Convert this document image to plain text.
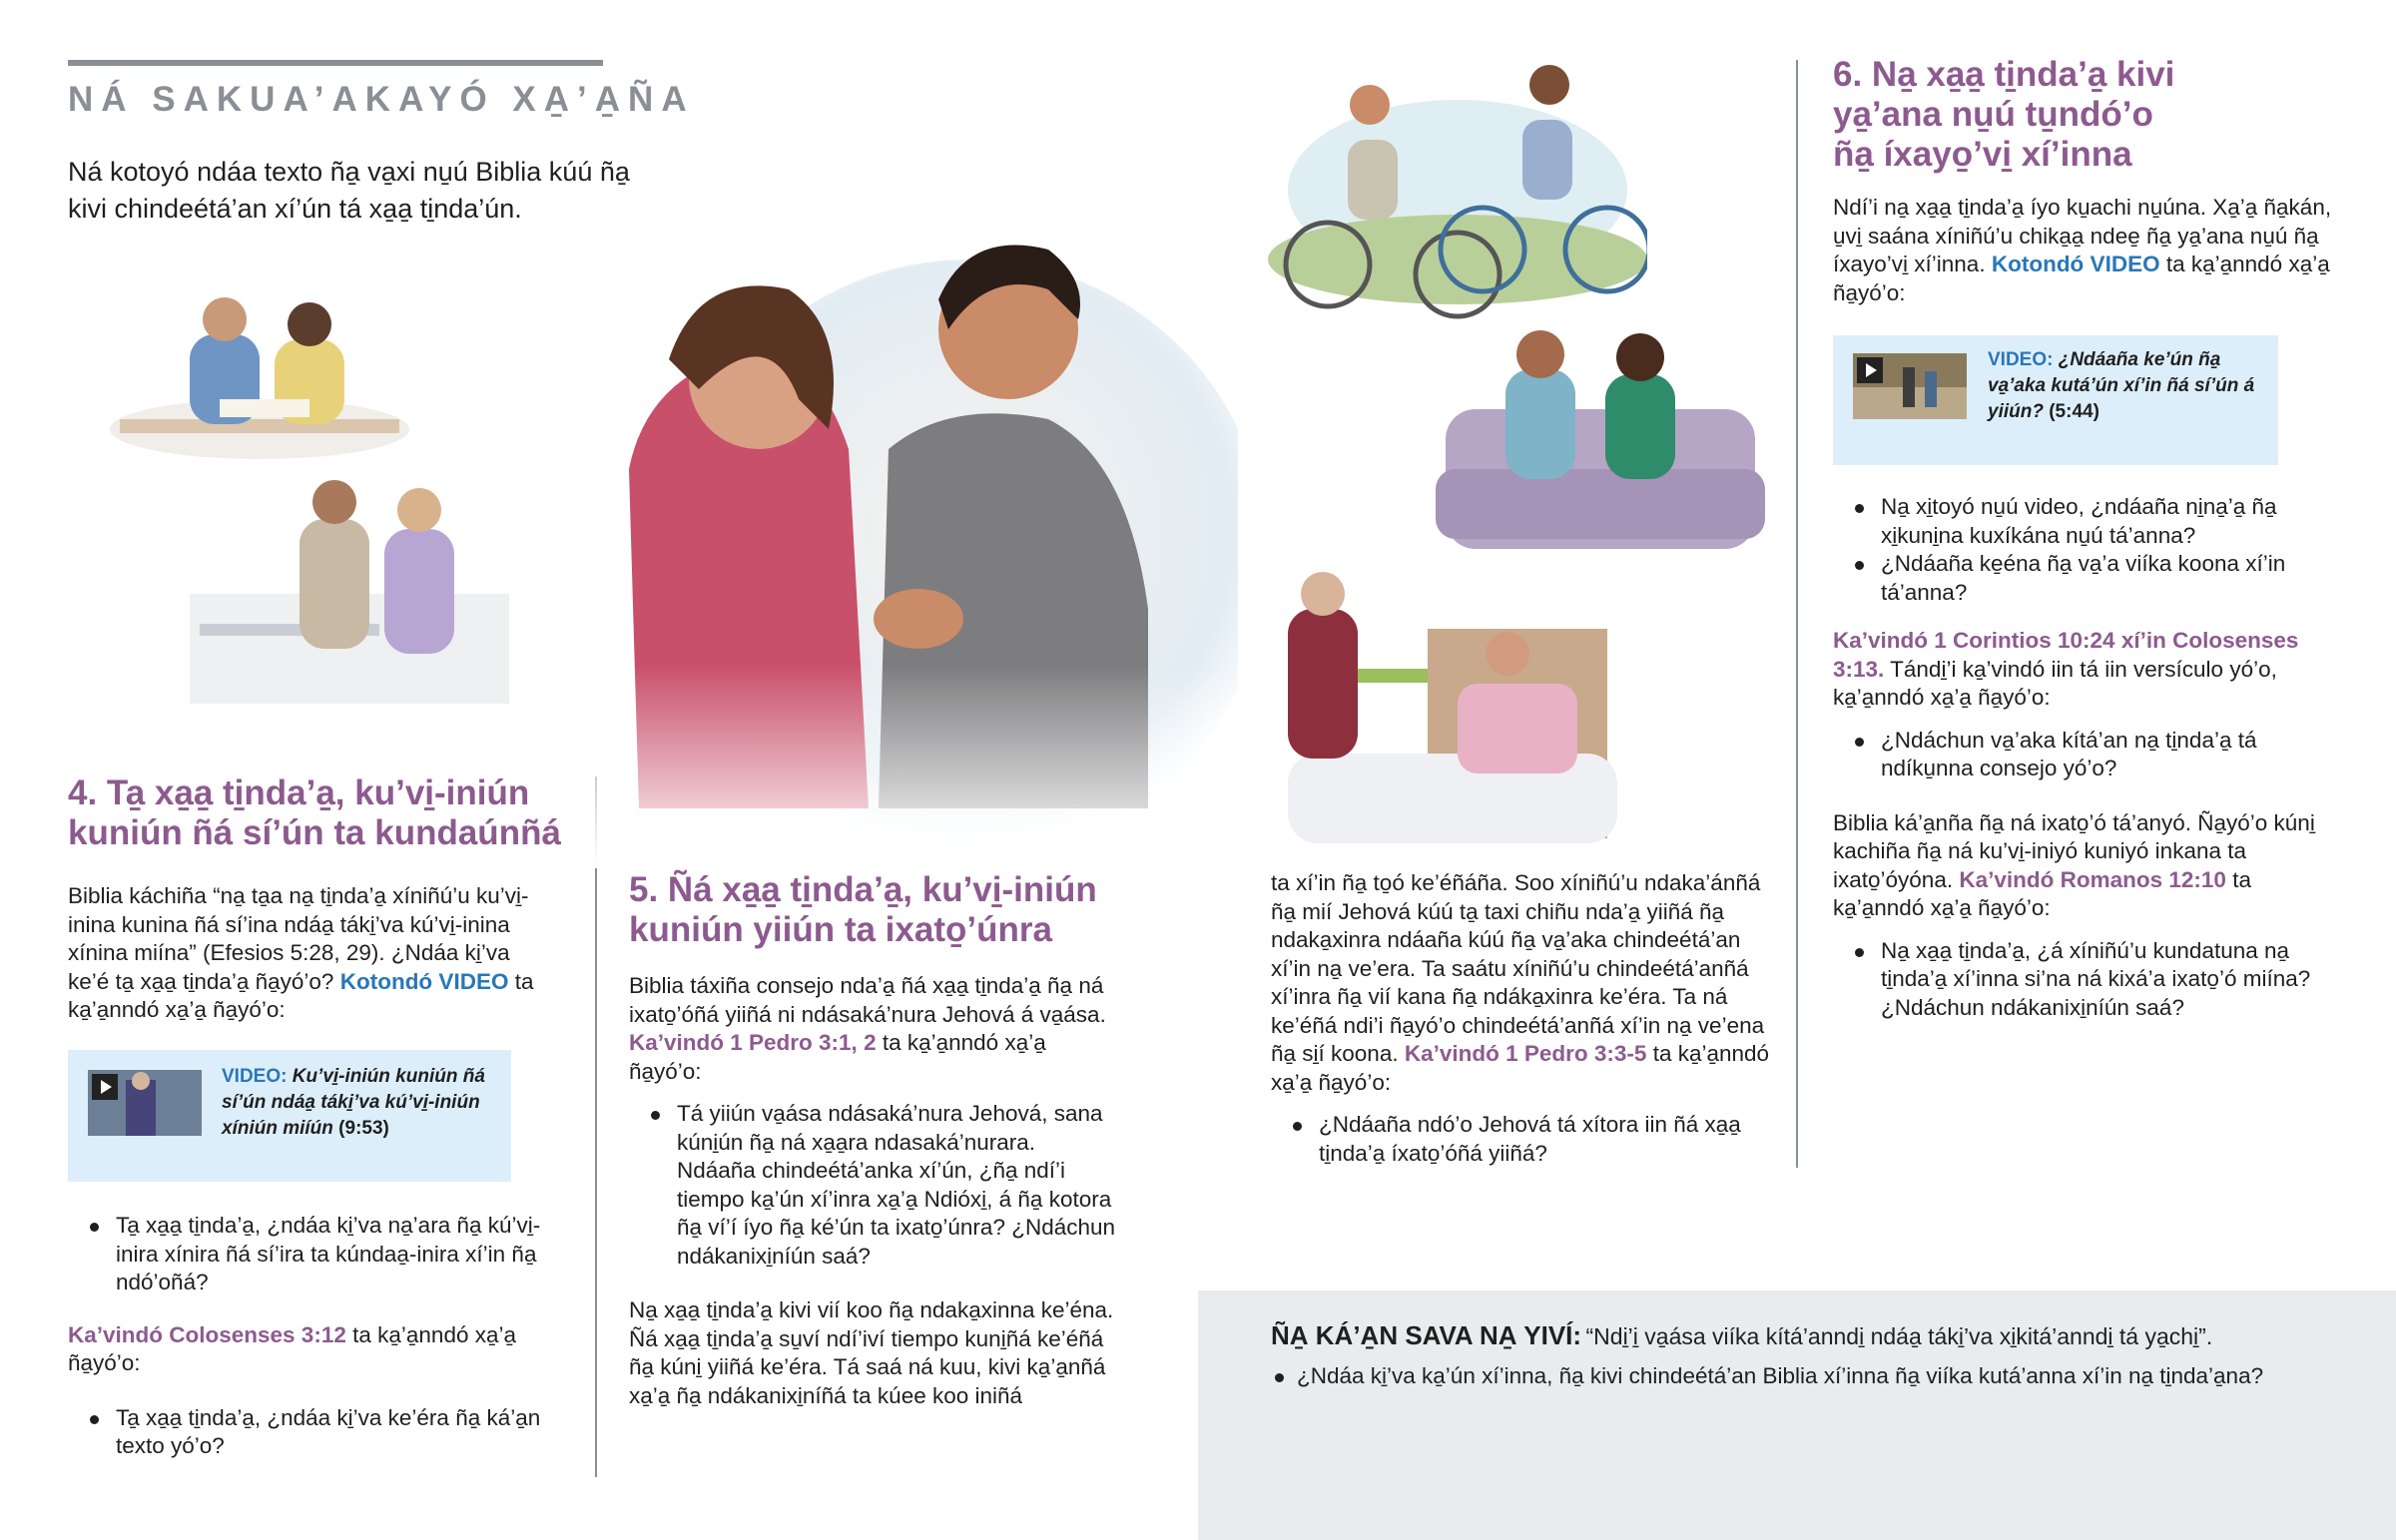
NÁ SAKUA’AKAYÓ XA̱’A̱ÑA
Ná kotoyó ndáa texto ña̱ va̱xi nu̱ú Biblia kúú ña̱ kivi chindeétá’an xí’ún tá xa̱a̱ ti̱nda’ún.
4. Ta̱ xa̱a̱ ti̱nda’a̱, ku’vi̱-iniún
kuniún ñá sí’ún ta kundaúnñá

Biblia káchiña “na̱ ta̱a na̱ ti̱nda’a̱ xíniñú’u ku’vi̱-inina kunina ñá sí’ina ndáa̱ táki̱’va kú’vi̱-inina xínina miína” (Efesios 5:28, 29). ¿Ndáa ki̱’va ke’é ta̱ xa̱a̱ ti̱nda’a̱ ña̱yó’o? Kotondó VIDEO ta ka̱’a̱nndó xa̱’a̱ ña̱yó’o:

VIDEO: Ku’vi̱-iniún kuniún ñá sí’ún ndáa̱ táki̱’va kú’vi̱-iniún xíniún miíún (9:53)
Ta̱ xa̱a̱ ti̱nda’a̱, ¿ndáa ki̱’va na̱’ara ña̱ kú’vi̱-inira xínira ñá sí’ira ta kúndaa̱-inira xí’in ña̱ ndó’oñá?

Ka’vindó Colosenses 3:12 ta ka̱’a̱nndó xa̱’a̱ ña̱yó’o:

Ta̱ xa̱a̱ ti̱nda’a̱, ¿ndáa ki̱’va ke’éra ña̱ ká’a̱n texto yó’o?
5. Ñá xa̱a̱ ti̱nda’a̱, ku’vi̱-iniún
kuniún yiiún ta ixato̱’únra

Biblia táxiña consejo nda’a̱ ñá xa̱a̱ ti̱nda’a̱ ña̱ ná ixato̱’óñá yiiñá ni ndásaká’nura Jehová á va̱ása.

Ka’vindó 1 Pedro 3:1, 2 ta ka̱’a̱nndó xa̱’a̱ ña̱yó’o:

Tá yiiún va̱ása ndásaká’nura Jehová, sana kúni̱ún ña̱ ná xa̱a̱ra ndasaká’nurara. Ndáaña chindeétá’anka xí’ún, ¿ña̱ ndí’i tiempo ka̱’ún xí’inra xa̱’a̱ Ndióxi̱, á ña̱ kotora ña̱ ví’í íyo ña̱ ké’ún ta ixato̱’únra? ¿Ndáchun ndákanixi̱níún saá?

Na̱ xa̱a̱ ti̱nda’a̱ kivi vií koo ña̱ ndaka̱xinna ke’éna. Ñá xa̱a̱ ti̱nda’a̱ su̱ví ndí’iví tiempo kuni̱ñá ke’éñá ña̱ kúni̱ yiiñá ke’éra. Tá saá ná kuu, kivi ka̱’a̱nñá xa̱’a̱ ña̱ ndákanixi̱níñá ta kúee koo iniñá

ta xí’in ña̱ to̱ó ke’éñáña. Soo xíniñú’u ndaka’ánñá ña̱ mií Jehová kúú ta̱ taxi chiñu nda’a̱ yiiñá ña̱ ndaka̱xinra ndáaña kúú ña̱ va̱’aka chindeétá’an xí’in na̱ ve’era. Ta saátu xíniñú’u chindeétá’anñá xí’inra ña̱ vií kana ña̱ ndáka̱xinra ke’éra. Ta ná ke’éñá ndi’i ña̱yó’o chindeétá’anñá xí’in na̱ ve’ena ña̱ si̱í koona. Ka’vindó 1 Pedro 3:3-5 ta ka̱’a̱nndó xa̱’a̱ ña̱yó’o:

¿Ndáaña ndó’o Jehová tá xítora iin ñá xa̱a̱ ti̱nda’a̱ íxato̱’óñá yiiñá?
6. Na̱ xa̱a̱ ti̱nda’a̱ kivi
ya̱’ana nu̱ú tu̱ndó’o
ña̱ íxayo̱’vi̱ xí’inna

Ndí’i na̱ xa̱a̱ ti̱nda’a̱ íyo ku̱achi nu̱úna. Xa̱’a̱ ña̱kán, u̱vi̱ saána xíniñú’u chika̱a̱ ndee̱ ña̱ ya̱’ana nu̱ú ña̱ íxayo’vi̱ xí’inna. Kotondó VIDEO ta ka̱’a̱nndó xa̱’a̱ ña̱yó’o:

VIDEO: ¿Ndáaña ke’ún ña̱ va̱’aka kutá’ún xí’in ñá sí’ún á yiiún? (5:44)
Na̱ xi̱toyó nu̱ú video, ¿ndáaña ni̱na̱’a̱ ña̱ xi̱kuni̱na kuxíkána nu̱ú tá’anna?
¿Ndáaña ke̱éna ña̱ va̱’a viíka koona xí’in tá’anna?

Ka’vindó 1 Corintios 10:24 xí’in Colosenses 3:13. Tándi̱’i ka̱’vindó iin tá iin versículo yó’o, ka̱’a̱nndó xa̱’a̱ ña̱yó’o:

¿Ndáchun va̱’aka kítá’an na̱ ti̱nda’a̱ tá ndíku̱nna consejo yó’o?

Biblia ká’a̱nña ña̱ ná ixato̱’ó tá’anyó. Ña̱yó’o kúni̱ kachiña ña̱ ná ku’vi̱-iniyó kuniyó inkana ta ixato̱’óyóna. Ka’vindó Romanos 12:10 ta ka̱’a̱nndó xa̱’a̱ ña̱yó’o:

Na̱ xa̱a̱ ti̱nda’a̱, ¿á xíniñú’u kundatuna na̱ ti̱nda’a̱ xí’inna si’na ná kixá’a ixato̱’ó miína? ¿Ndáchun ndákanixi̱níún saá?
ÑA̱ KÁ’A̱N SAVA NA̱ YIVÍ: “Ndi̱’i̱ va̱ása viíka kítá’anndi̱ ndáa̱ táki̱’va xi̱kitá’anndi̱ tá ya̱chi̱”.
¿Ndáa ki̱’va ka̱’ún xí’inna, ña̱ kivi chindeétá’an Biblia xí’inna ña̱ viíka kutá’anna xí’in na̱ ti̱nda’a̱na?
